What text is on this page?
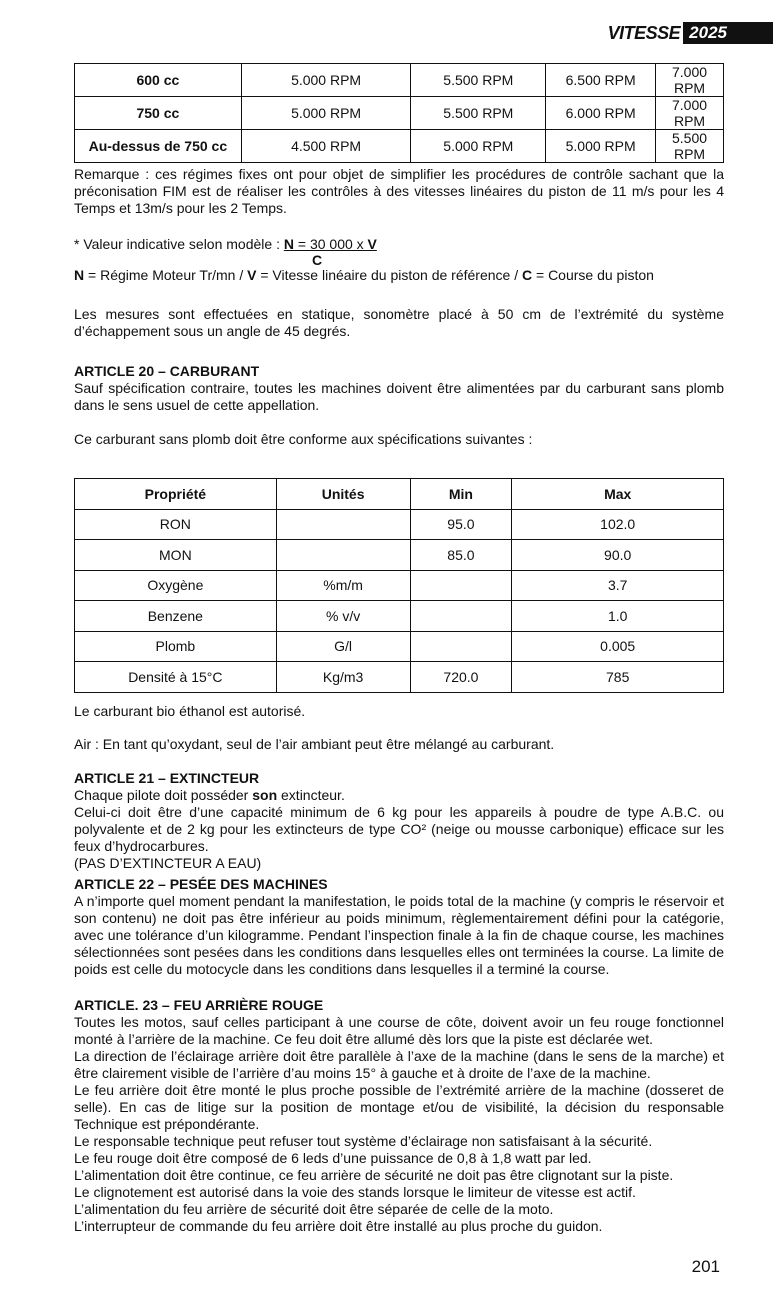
VITESSE 2025
600 cc	5.000 RPM	5.500 RPM	6.500 RPM	7.000 RPM
750 cc	5.000 RPM	5.500 RPM	6.000 RPM	7.000 RPM
Au-dessus de 750 cc	4.500 RPM	5.000 RPM	5.000 RPM	5.500 RPM

Remarque : ces régimes fixes ont pour objet de simplifier les procédures de contrôle sachant que la préconisation FIM est de réaliser les contrôles à des vitesses linéaires du piston de 11 m/s pour les 4 Temps et 13m/s pour les 2 Temps.

* Valeur indicative selon modèle : N = 30 000 x V

C

N = Régime Moteur Tr/mn / V = Vitesse linéaire du piston de référence / C = Course du piston

Les mesures sont effectuées en statique, sonomètre placé à 50 cm de l’extrémité du système d’échappement sous un angle de 45 degrés.

ARTICLE 20 – CARBURANT

Sauf spécification contraire, toutes les machines doivent être alimentées par du carburant sans plomb dans le sens usuel de cette appellation.

Ce carburant sans plomb doit être conforme aux spécifications suivantes :

Propriété	Unités	Min	Max
RON		95.0	102.0
MON		85.0	90.0
Oxygène	%m/m		3.7
Benzene	% v/v		1.0
Plomb	G/l		0.005
Densité à 15°C	Kg/m3	720.0	785

Le carburant bio éthanol est autorisé.

Air : En tant qu’oxydant, seul de l’air ambiant peut être mélangé au carburant.

ARTICLE 21 – EXTINCTEUR

Chaque pilote doit posséder son extincteur.

Celui-ci doit être d’une capacité minimum de 6 kg pour les appareils à poudre de type A.B.C. ou polyvalente et de 2 kg pour les extincteurs de type CO² (neige ou mousse carbonique) efficace sur les feux d’hydrocarbures.

(PAS D’EXTINCTEUR A EAU)

ARTICLE 22 – PESÉE DES MACHINES

A n’importe quel moment pendant la manifestation, le poids total de la machine (y compris le réservoir et son contenu) ne doit pas être inférieur au poids minimum, règlementairement défini pour la catégorie, avec une tolérance d’un kilogramme. Pendant l’inspection finale à la fin de chaque course, les machines sélectionnées sont pesées dans les conditions dans lesquelles elles ont terminées la course. La limite de poids est celle du motocycle dans les conditions dans lesquelles il a terminé la course.

ARTICLE. 23 – FEU ARRIÈRE ROUGE

Toutes les motos, sauf celles participant à une course de côte, doivent avoir un feu rouge fonctionnel monté à l’arrière de la machine. Ce feu doit être allumé dès lors que la piste est déclarée wet.

La direction de l’éclairage arrière doit être parallèle à l’axe de la machine (dans le sens de la marche) et être clairement visible de l’arrière d’au moins 15° à gauche et à droite de l’axe de la machine.

Le feu arrière doit être monté le plus proche possible de l’extrémité arrière de la machine (dosseret de selle). En cas de litige sur la position de montage et/ou de visibilité, la décision du responsable Technique est prépondérante.

Le responsable technique peut refuser tout système d’éclairage non satisfaisant à la sécurité.

Le feu rouge doit être composé de 6 leds d’une puissance de 0,8 à 1,8 watt par led.

L’alimentation doit être continue, ce feu arrière de sécurité ne doit pas être clignotant sur la piste.

Le clignotement est autorisé dans la voie des stands lorsque le limiteur de vitesse est actif.

L’alimentation du feu arrière de sécurité doit être séparée de celle de la moto.

L’interrupteur de commande du feu arrière doit être installé au plus proche du guidon.

201
